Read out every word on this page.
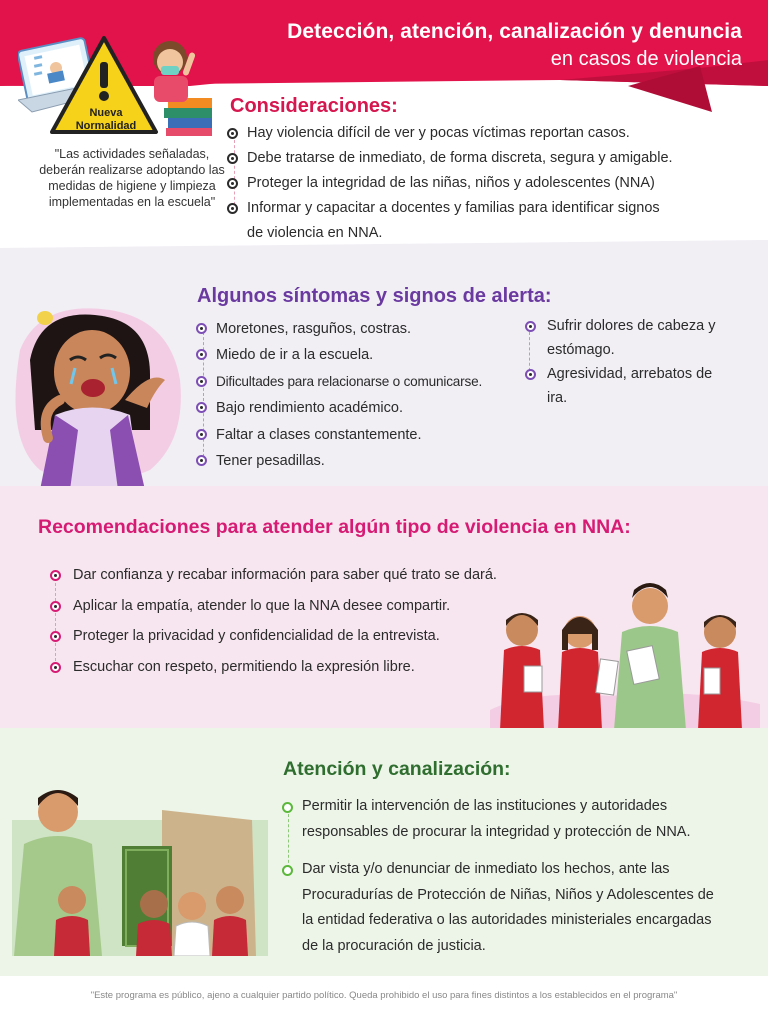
Detección, atención, canalización y denuncia
en casos de violencia
Nueva
Normalidad
"Las actividades señaladas, deberán realizarse adoptando las medidas de higiene y limpieza implementadas en la escuela"
Consideraciones:
Hay violencia difícil de ver y pocas víctimas reportan casos.
Debe tratarse de inmediato, de forma discreta, segura y amigable.
Proteger la integridad de las niñas, niños y adolescentes (NNA)
Informar y capacitar a docentes y familias para identificar signos
de violencia en NNA.
Algunos síntomas y signos de alerta:
Moretones, rasguños, costras.
Miedo de ir a la escuela.
Dificultades para relacionarse o comunicarse.
Bajo rendimiento académico.
Faltar a clases constantemente.
Tener pesadillas.
Sufrir dolores de cabeza y
estómago.
Agresividad, arrebatos de
ira.
Recomendaciones para atender algún tipo de violencia en NNA:
Dar confianza y recabar información para saber qué trato se dará.
Aplicar la empatía, atender lo que la NNA desee compartir.
Proteger la privacidad y confidencialidad de la entrevista.
Escuchar con respeto, permitiendo la expresión libre.
Atención y canalización:
Permitir la intervención de las instituciones y autoridades
responsables de procurar la integridad y protección de NNA.
Dar vista y/o denunciar de inmediato los hechos, ante las
Procuradurías de Protección de Niñas, Niños y Adolescentes de
la entidad federativa o las autoridades ministeriales encargadas
de la procuración de justicia.
"Este programa es público, ajeno a cualquier partido político. Queda prohibido el uso para fines distintos a los establecidos en el programa"
